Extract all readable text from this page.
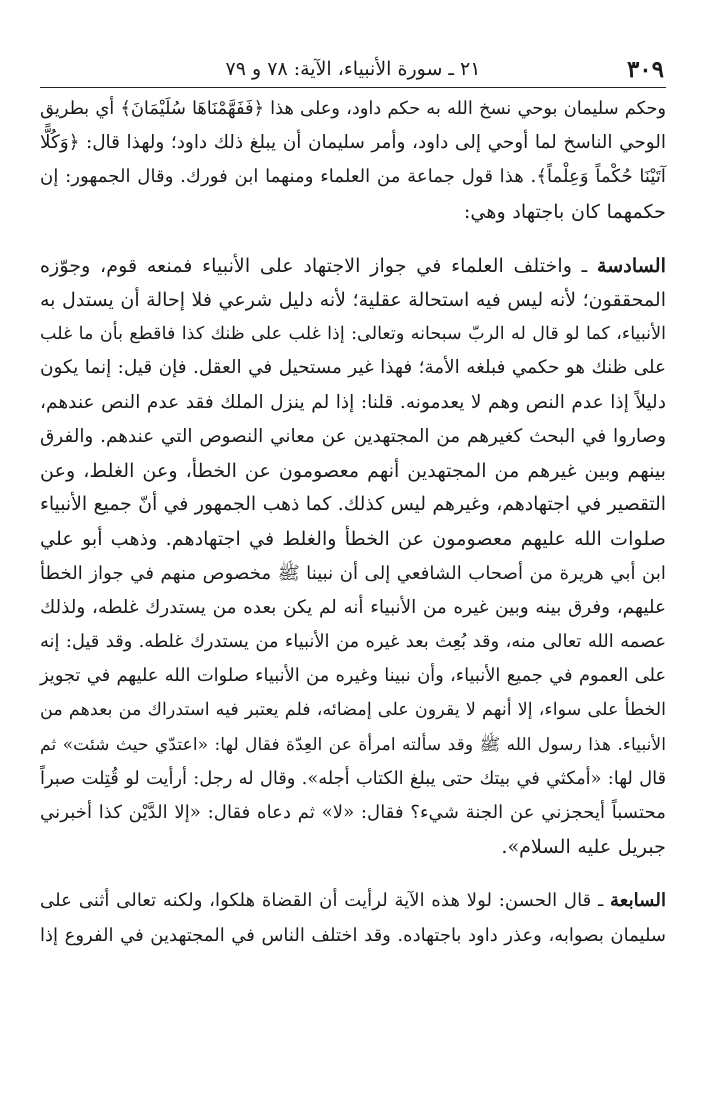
٣٠٩
٢١ ـ سورة الأنبياء، الآية: ٧٨ و ٧٩

وحكم سليمان بوحي نسخ الله به حكم داود، وعلى هذا ﴿فَفَهَّمْنَاهَا سُلَيْمَانَ﴾ أي بطريق
الوحي الناسخ لما أوحي إلى داود، وأمر سليمان أن يبلغ ذلك داود؛ ولهذا قال: ﴿وَكُلًّا
آتَيْنَا حُكْماً وَعِلْماً﴾. هذا قول جماعة من العلماء ومنهما ابن فورك. وقال الجمهور: إن
حكمهما كان باجتهاد وهي:

السادسة ـ واختلف العلماء في جواز الاجتهاد على الأنبياء فمنعه قوم، وجوّزه
المحققون؛ لأنه ليس فيه استحالة عقلية؛ لأنه دليل شرعي فلا إحالة أن يستدل به
الأنبياء، كما لو قال له الربّ سبحانه وتعالى: إذا غلب على ظنك كذا فاقطع بأن ما غلب
على ظنك هو حكمي فبلغه الأمة؛ فهذا غير مستحيل في العقل. فإن قيل: إنما يكون
دليلاً إذا عدم النص وهم لا يعدمونه. قلنا: إذا لم ينزل الملك فقد عدم النص عندهم،
وصاروا في البحث كغيرهم من المجتهدين عن معاني النصوص التي عندهم. والفرق
بينهم وبين غيرهم من المجتهدين أنهم معصومون عن الخطأ، وعن الغلط، وعن
التقصير في اجتهادهم، وغيرهم ليس كذلك. كما ذهب الجمهور في أنّ جميع الأنبياء
صلوات الله عليهم معصومون عن الخطأ والغلط في اجتهادهم. وذهب أبو علي
ابن أبي هريرة من أصحاب الشافعي إلى أن نبينا ﷺ مخصوص منهم في جواز الخطأ
عليهم، وفرق بينه وبين غيره من الأنبياء أنه لم يكن بعده من يستدرك غلطه، ولذلك
عصمه الله تعالى منه، وقد بُعِث بعد غيره من الأنبياء من يستدرك غلطه. وقد قيل: إنه
على العموم في جميع الأنبياء، وأن نبينا وغيره من الأنبياء صلوات الله عليهم في تجويز
الخطأ على سواء، إلا أنهم لا يقرون على إمضائه، فلم يعتبر فيه استدراك من بعدهم من
الأنبياء. هذا رسول الله ﷺ وقد سألته امرأة عن العِدّة فقال لها: «اعتدّي حيث شئت» ثم
قال لها: «أمكثي في بيتك حتى يبلغ الكتاب أجله». وقال له رجل: أرأيت لو قُتِلت صبراً
محتسباً أيحجزني عن الجنة شيء؟ فقال: «لا» ثم دعاه فقال: «إلا الدَّيْن كذا أخبرني
جبريل عليه السلام».

السابعة ـ قال الحسن: لولا هذه الآية لرأيت أن القضاة هلكوا، ولكنه تعالى أثنى على
سليمان بصوابه، وعذر داود باجتهاده. وقد اختلف الناس في المجتهدين في الفروع إذا
